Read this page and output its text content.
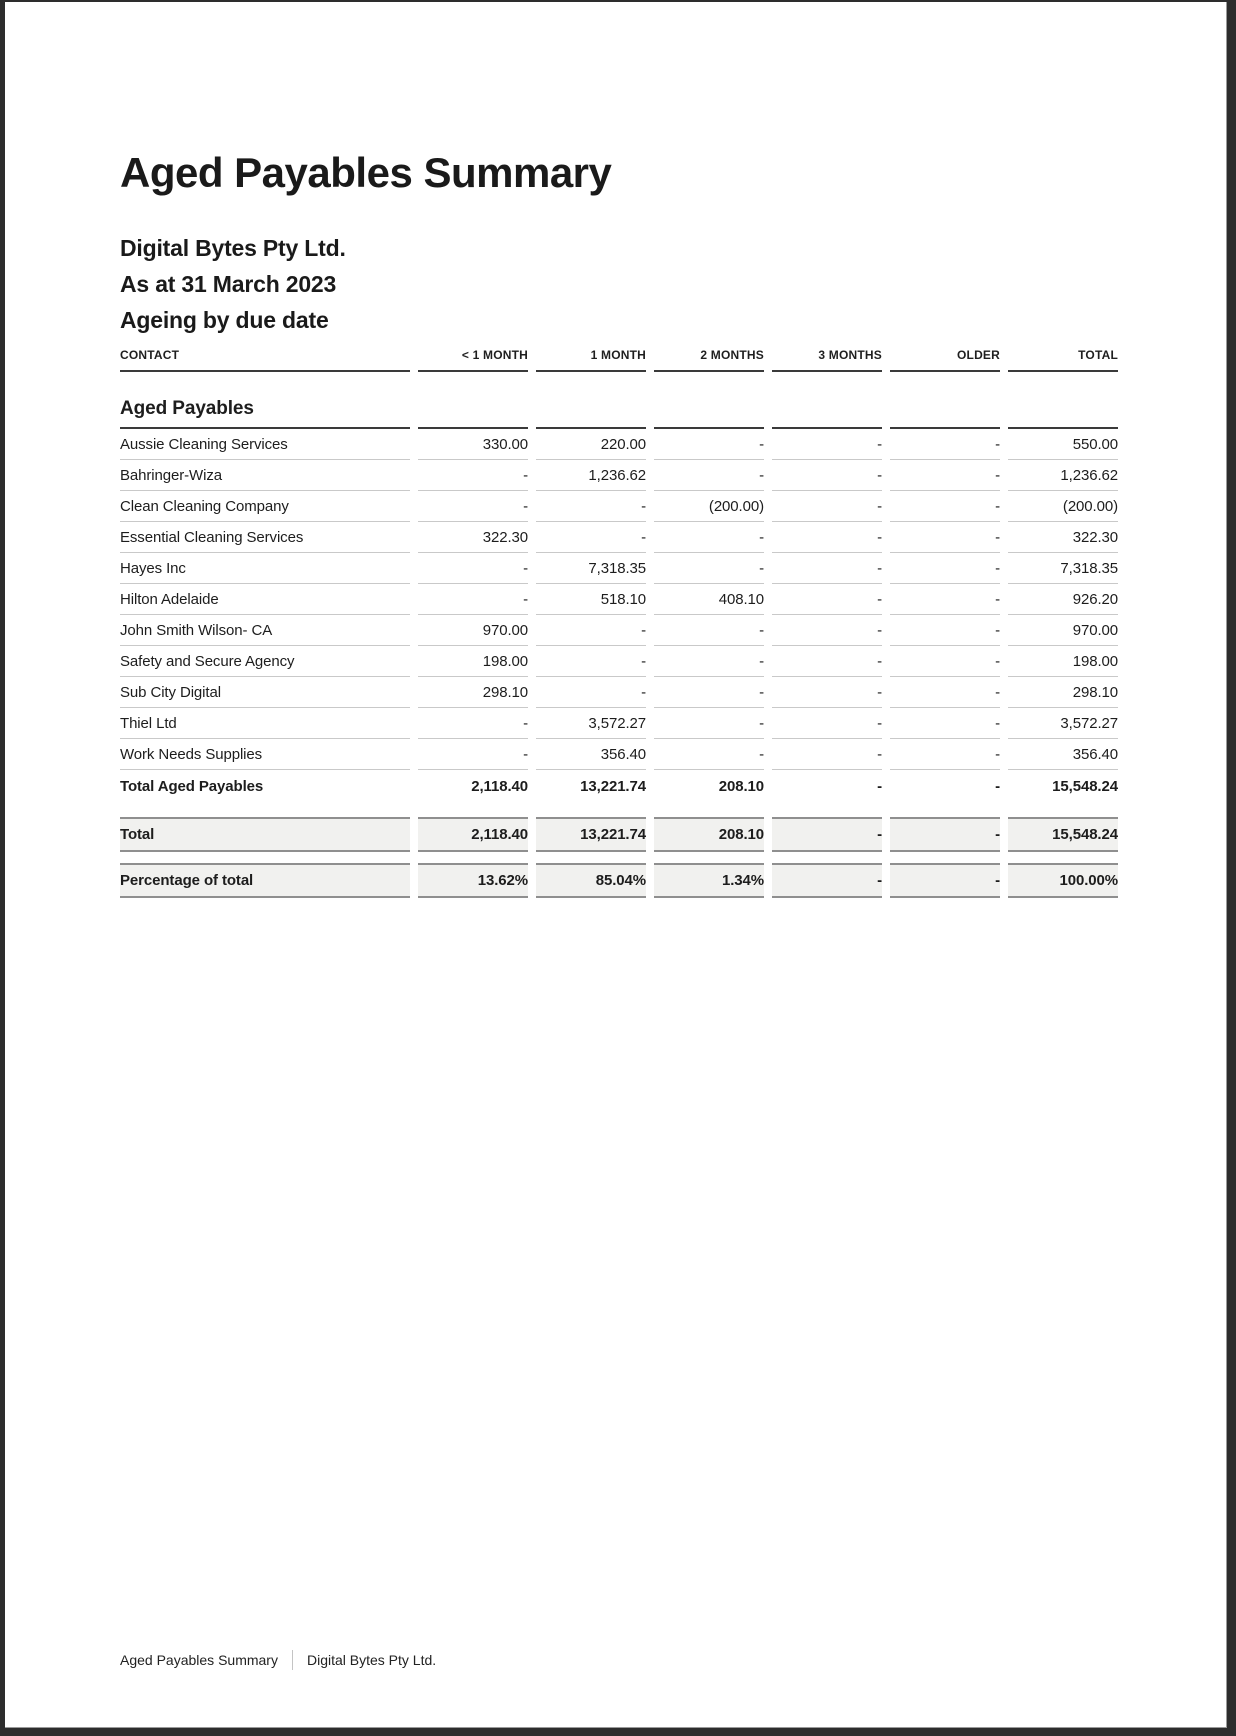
Aged Payables Summary
Digital Bytes Pty Ltd.
As at 31 March 2023
Ageing by due date
CONTACT	< 1 MONTH	1 MONTH	2 MONTHS	3 MONTHS	OLDER	TOTAL
Aged Payables						
Aussie Cleaning Services	330.00	220.00	-	-	-	550.00
Bahringer-Wiza	-	1,236.62	-	-	-	1,236.62
Clean Cleaning Company	-	-	(200.00)	-	-	(200.00)
Essential Cleaning Services	322.30	-	-	-	-	322.30
Hayes Inc	-	7,318.35	-	-	-	7,318.35
Hilton Adelaide	-	518.10	408.10	-	-	926.20
John Smith Wilson- CA	970.00	-	-	-	-	970.00
Safety and Secure Agency	198.00	-	-	-	-	198.00
Sub City Digital	298.10	-	-	-	-	298.10
Thiel Ltd	-	3,572.27	-	-	-	3,572.27
Work Needs Supplies	-	356.40	-	-	-	356.40
Total Aged Payables	2,118.40	13,221.74	208.10	-	-	15,548.24

Total	2,118.40	13,221.74	208.10	-	-	15,548.24

Percentage of total	13.62%	85.04%	1.34%	-	-	100.00%
Aged Payables Summary Digital Bytes Pty Ltd.
